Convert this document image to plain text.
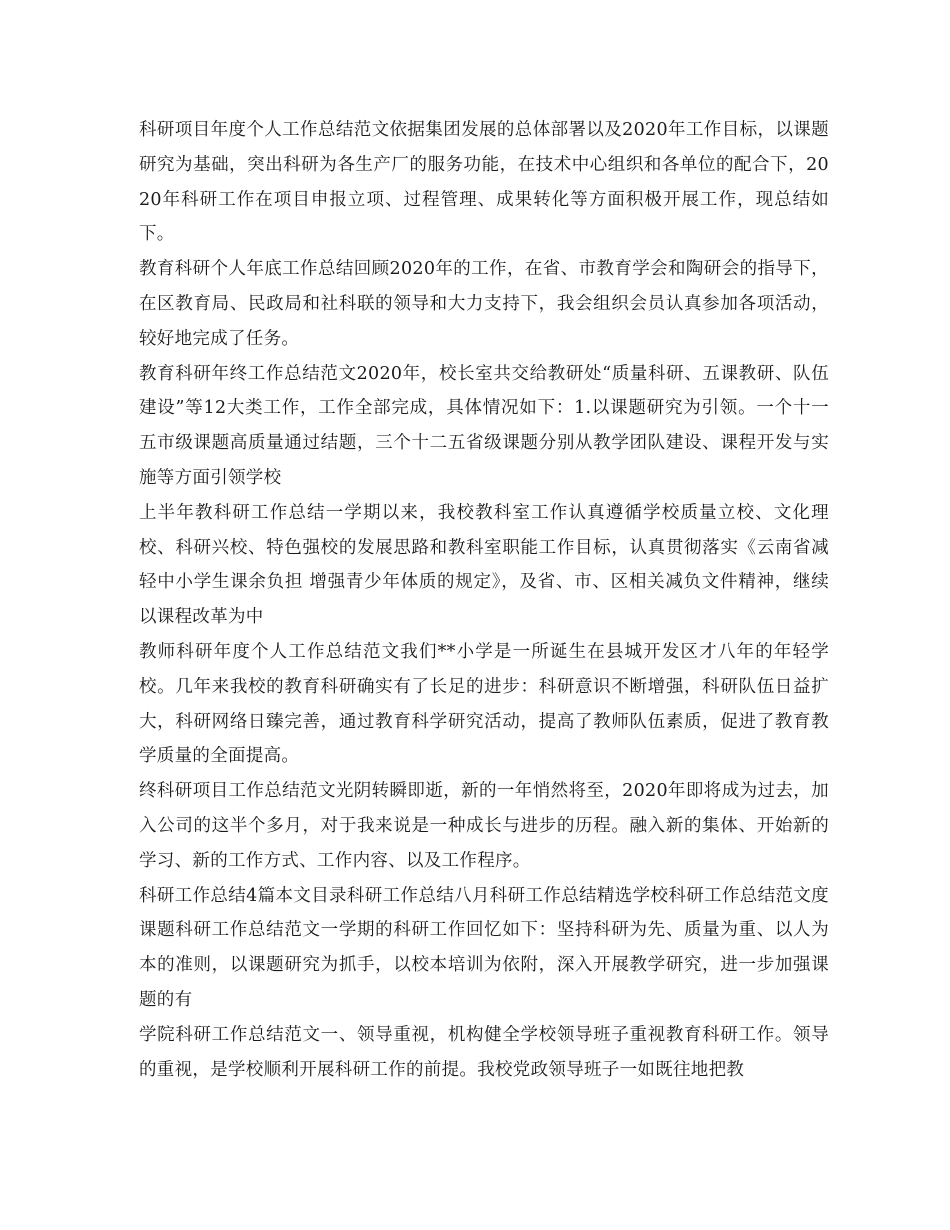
科研项目年度个人工作总结范文依据集团发展的总体部署以及2020年工作目标，以课题研究为基础，突出科研为各生产厂的服务功能，在技术中心组织和各单位的配合下，2020年科研工作在项目申报立项、过程管理、成果转化等方面积极开展工作，现总结如下。

教育科研个人年底工作总结回顾2020年的工作，在省、市教育学会和陶研会的指导下，在区教育局、民政局和社科联的领导和大力支持下，我会组织会员认真参加各项活动，较好地完成了任务。

教育科研年终工作总结范文2020年，校长室共交给教研处“质量科研、五课教研、队伍建设”等12大类工作，工作全部完成，具体情况如下：1.以课题研究为引领。一个十一五市级课题高质量通过结题，三个十二五省级课题分别从教学团队建设、课程开发与实施等方面引领学校

上半年教科研工作总结一学期以来，我校教科室工作认真遵循学校质量立校、文化理校、科研兴校、特色强校的发展思路和教科室职能工作目标，认真贯彻落实《云南省减轻中小学生课余负担 增强青少年体质的规定》，及省、市、区相关减负文件精神，继续以课程改革为中

教师科研年度个人工作总结范文我们**小学是一所诞生在县城开发区才八年的年轻学校。几年来我校的教育科研确实有了长足的进步：科研意识不断增强，科研队伍日益扩大，科研网络日臻完善，通过教育科学研究活动，提高了教师队伍素质，促进了教育教学质量的全面提高。

终科研项目工作总结范文光阴转瞬即逝，新的一年悄然将至，2020年即将成为过去，加入公司的这半个多月，对于我来说是一种成长与进步的历程。融入新的集体、开始新的学习、新的工作方式、工作内容、以及工作程序。

科研工作总结4篇本文目录科研工作总结八月科研工作总结精选学校科研工作总结范文度课题科研工作总结范文一学期的科研工作回忆如下：坚持科研为先、质量为重、以人为本的准则，以课题研究为抓手，以校本培训为依附，深入开展教学研究，进一步加强课题的有

学院科研工作总结范文一、领导重视，机构健全学校领导班子重视教育科研工作。领导的重视，是学校顺利开展科研工作的前提。我校党政领导班子一如既往地把教
